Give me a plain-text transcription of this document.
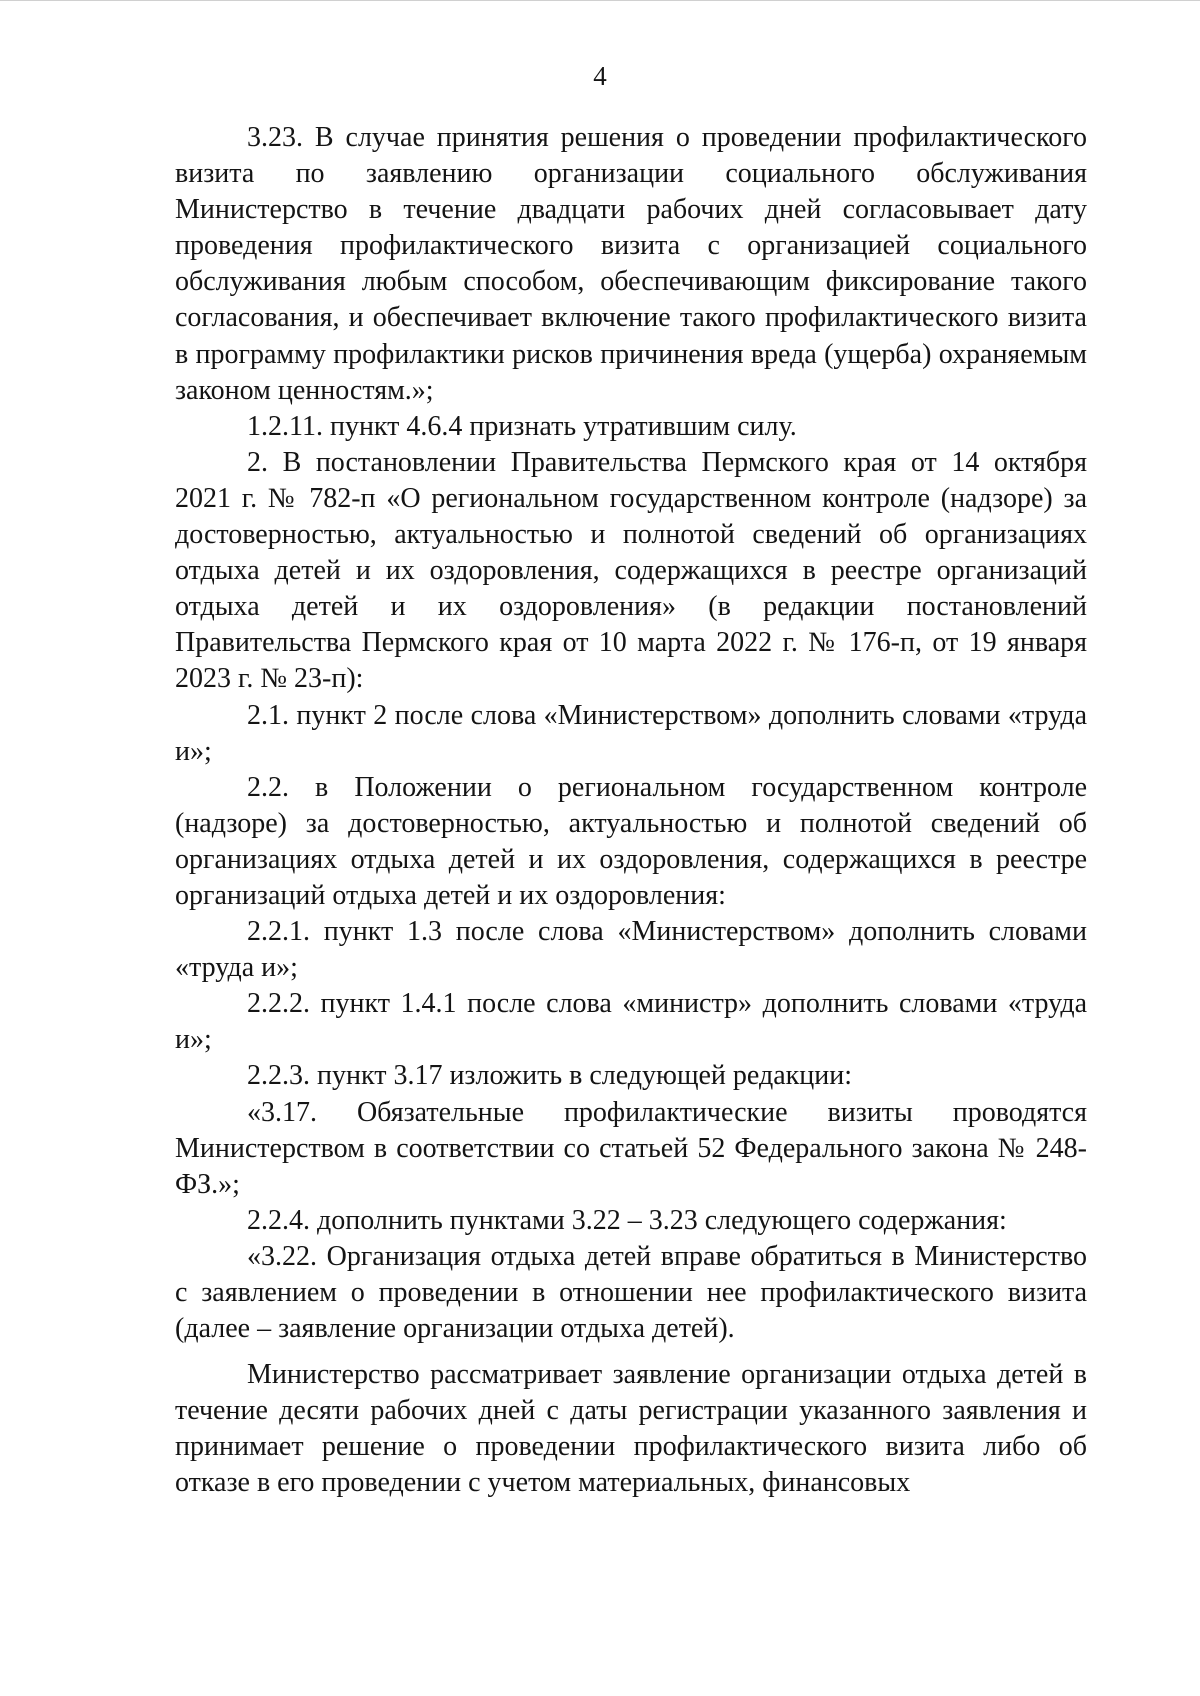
4

3.23. В случае принятия решения о проведении профилактического визита по заявлению организации социального обслуживания Министерство в течение двадцати рабочих дней согласовывает дату проведения профилактического визита с организацией социального обслуживания любым способом, обеспечивающим фиксирование такого согласования, и обеспечивает включение такого профилактического визита в программу профилактики рисков причинения вреда (ущерба) охраняемым законом ценностям.»;

1.2.11. пункт 4.6.4 признать утратившим силу.

2. В постановлении Правительства Пермского края от 14 октября 2021 г. № 782-п «О региональном государственном контроле (надзоре) за достоверностью, актуальностью и полнотой сведений об организациях отдыха детей и их оздоровления, содержащихся в реестре организаций отдыха детей и их оздоровления» (в редакции постановлений Правительства Пермского края от 10 марта 2022 г. № 176-п, от 19 января 2023 г. № 23-п):

2.1. пункт 2 после слова «Министерством» дополнить словами «труда и»;

2.2. в Положении о региональном государственном контроле (надзоре) за достоверностью, актуальностью и полнотой сведений об организациях отдыха детей и их оздоровления, содержащихся в реестре организаций отдыха детей и их оздоровления:

2.2.1. пункт 1.3 после слова «Министерством» дополнить словами «труда и»;

2.2.2. пункт 1.4.1 после слова «министр» дополнить словами «труда и»;

2.2.3. пункт 3.17 изложить в следующей редакции:

«3.17. Обязательные профилактические визиты проводятся Министерством в соответствии со статьей 52 Федерального закона № 248-ФЗ.»;

2.2.4. дополнить пунктами 3.22 – 3.23 следующего содержания:

«3.22. Организация отдыха детей вправе обратиться в Министерство с заявлением о проведении в отношении нее профилактического визита (далее – заявление организации отдыха детей).

Министерство рассматривает заявление организации отдыха детей в течение десяти рабочих дней с даты регистрации указанного заявления и принимает решение о проведении профилактического визита либо об отказе в его проведении с учетом материальных, финансовых
